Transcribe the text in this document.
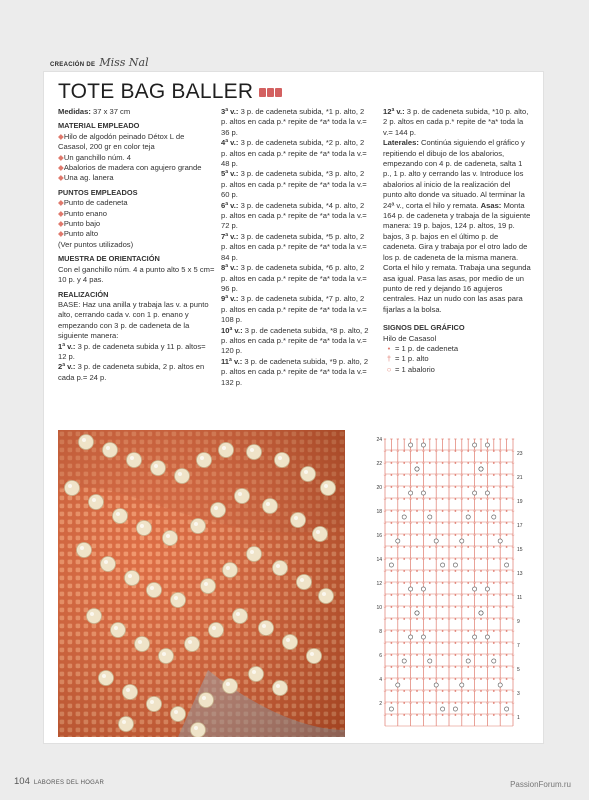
CREACIÓN DE Miss Nal
TOTE BAG BALLER

Medidas: 37 x 37 cm

MATERIAL EMPLEADO

◆Hilo de algodón peinado Détox L de Casasol, 200 gr en color teja

◆Un ganchillo núm. 4

◆Abalorios de madera con agujero grande

◆Una ag. lanera

PUNTOS EMPLEADOS

◆Punto de cadeneta

◆Punto enano

◆Punto bajo

◆Punto alto

(Ver puntos utilizados)

MUESTRA DE ORIENTACIÓN

Con el ganchillo núm. 4 a punto alto 5 x 5 cm= 10 p. y 4 pas.

REALIZACIÓN

BASE: Haz una anilla y trabaja las v. a punto alto, cerrando cada v. con 1 p. enano y empezando con 3 p. de cadeneta de la siguiente manera:

1ª v.: 3 p. de cadeneta subida y 11 p. altos= 12 p.

2ª v.: 3 p. de cadeneta subida, 2 p. altos en cada p.= 24 p.

3ª v.: 3 p. de cadeneta subida, *1 p. alto, 2 p. altos en cada p.* repite de *a* toda la v.= 36 p.

4ª v.: 3 p. de cadeneta subida, *2 p. alto, 2 p. altos en cada p.* repite de *a* toda la v.= 48 p.

5ª v.: 3 p. de cadeneta subida, *3 p. alto, 2 p. altos en cada p.* repite de *a* toda la v.= 60 p.

6ª v.: 3 p. de cadeneta subida, *4 p. alto, 2 p. altos en cada p.* repite de *a* toda la v.= 72 p.

7ª v.: 3 p. de cadeneta subida, *5 p. alto, 2 p. altos en cada p.* repite de *a* toda la v.= 84 p.

8ª v.: 3 p. de cadeneta subida, *6 p. alto, 2 p. altos en cada p.* repite de *a* toda la v.= 96 p.

9ª v.: 3 p. de cadeneta subida, *7 p. alto, 2 p. altos en cada p.* repite de *a* toda la v.= 108 p.

10ª v.: 3 p. de cadeneta subida, *8 p. alto, 2 p. altos en cada p.* repite de *a* toda la v.= 120 p.

11ª v.: 3 p. de cadeneta subida, *9 p. alto, 2 p. altos en cada p.* repite de *a* toda la v.= 132 p.

12ª v.: 3 p. de cadeneta subida, *10 p. alto, 2 p. altos en cada p.* repite de *a* toda la v.= 144 p.

Laterales: Continúa siguiendo el gráfico y repitiendo el dibujo de los abalorios, empezando con 4 p. de cadeneta, salta 1 p., 1 p. alto y cerrando las v. Introduce los abalorios al inicio de la realización del punto alto donde va situado. Al terminar la 24ª v., corta el hilo y remata. Asas: Monta 164 p. de cadeneta y trabaja de la siguiente manera: 19 p. bajos, 124 p. altos, 19 p. bajos, 3 p. bajos en el último p. de cadeneta. Gira y trabaja por el otro lado de los p. de cadeneta de la misma manera. Corta el hilo y remata. Trabaja una segunda asa igual. Pasa las asas, por medio de un punto de red y dejando 16 agujeros centrales. Haz un nudo con las asas para fijarlas a la bolsa.

SIGNOS DEL GRÁFICO

Hilo de Casasol

• = 1 p. de cadeneta

† = 1 p. alto

○ = 1 abalorio

24
22
20
18
16
14
12
10
8
6
4
2
23
21
19
17
15
13
11
9
7
5
3
1
104 LABORES DEL HOGAR	PassionForum.ru
